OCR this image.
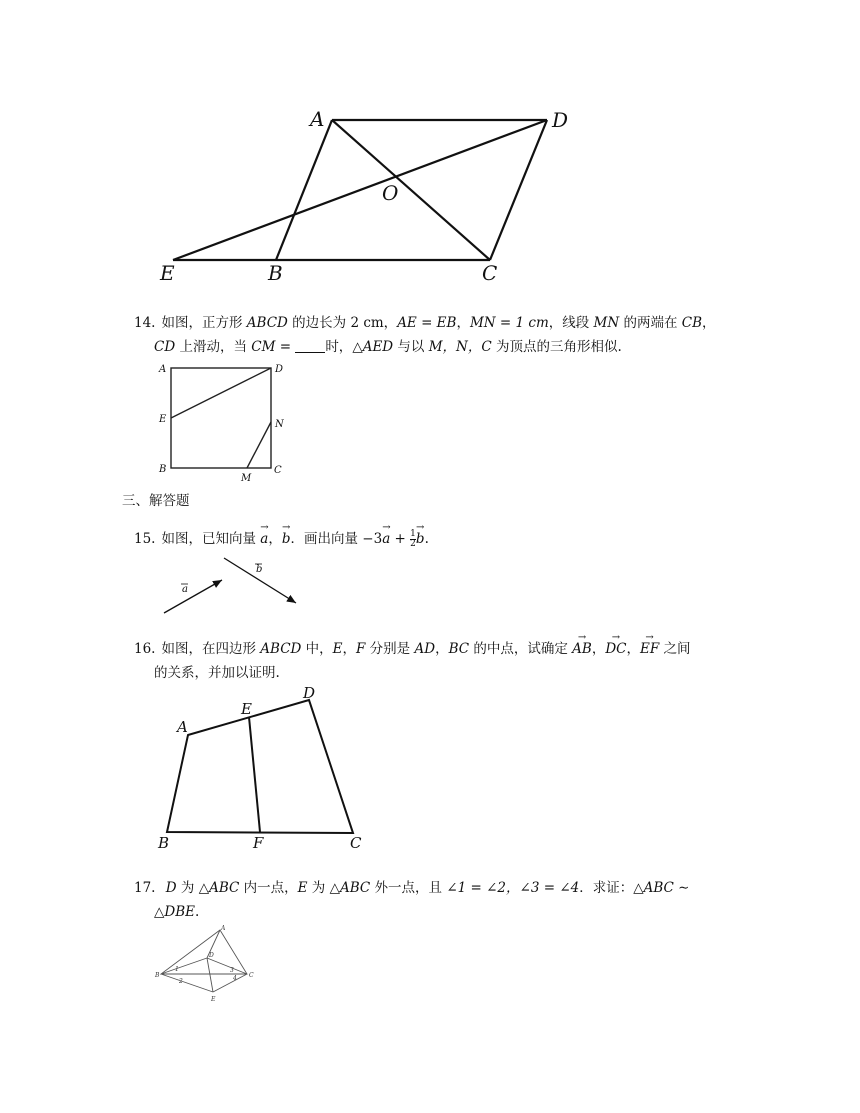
A	D
O
E	B	C
14. 如图，正方形 ABCD 的边长为 2 cm，AE = EB，MN = 1 cm，线段 MN 的两端在 CB，
CD 上滑动，当 CM =	时，△AED 与以 M，N，C 为顶点的三角形相似.
A	D
E	N
B	C
M
三、解答题
15. 如图，已知向量 → a，→ b．画出向量 $-3\to a + \frac{1}{2}$
→ b.
a
b
16. 如图，在四边形 ABCD 中，E，F 分别是 AD，BC 的中点，试确定 → AB，→ DC，→ EF 之间
的关系，并加以证明.
A
E
D
B	F	C
17. D 为 △ABC 内一点，E 为 △ABC 外一点，且 ∠1 = ∠2，∠3 = ∠4．求证：△ABC ∼
△DBE.
A
D
B	C
E
1
2
3
4
